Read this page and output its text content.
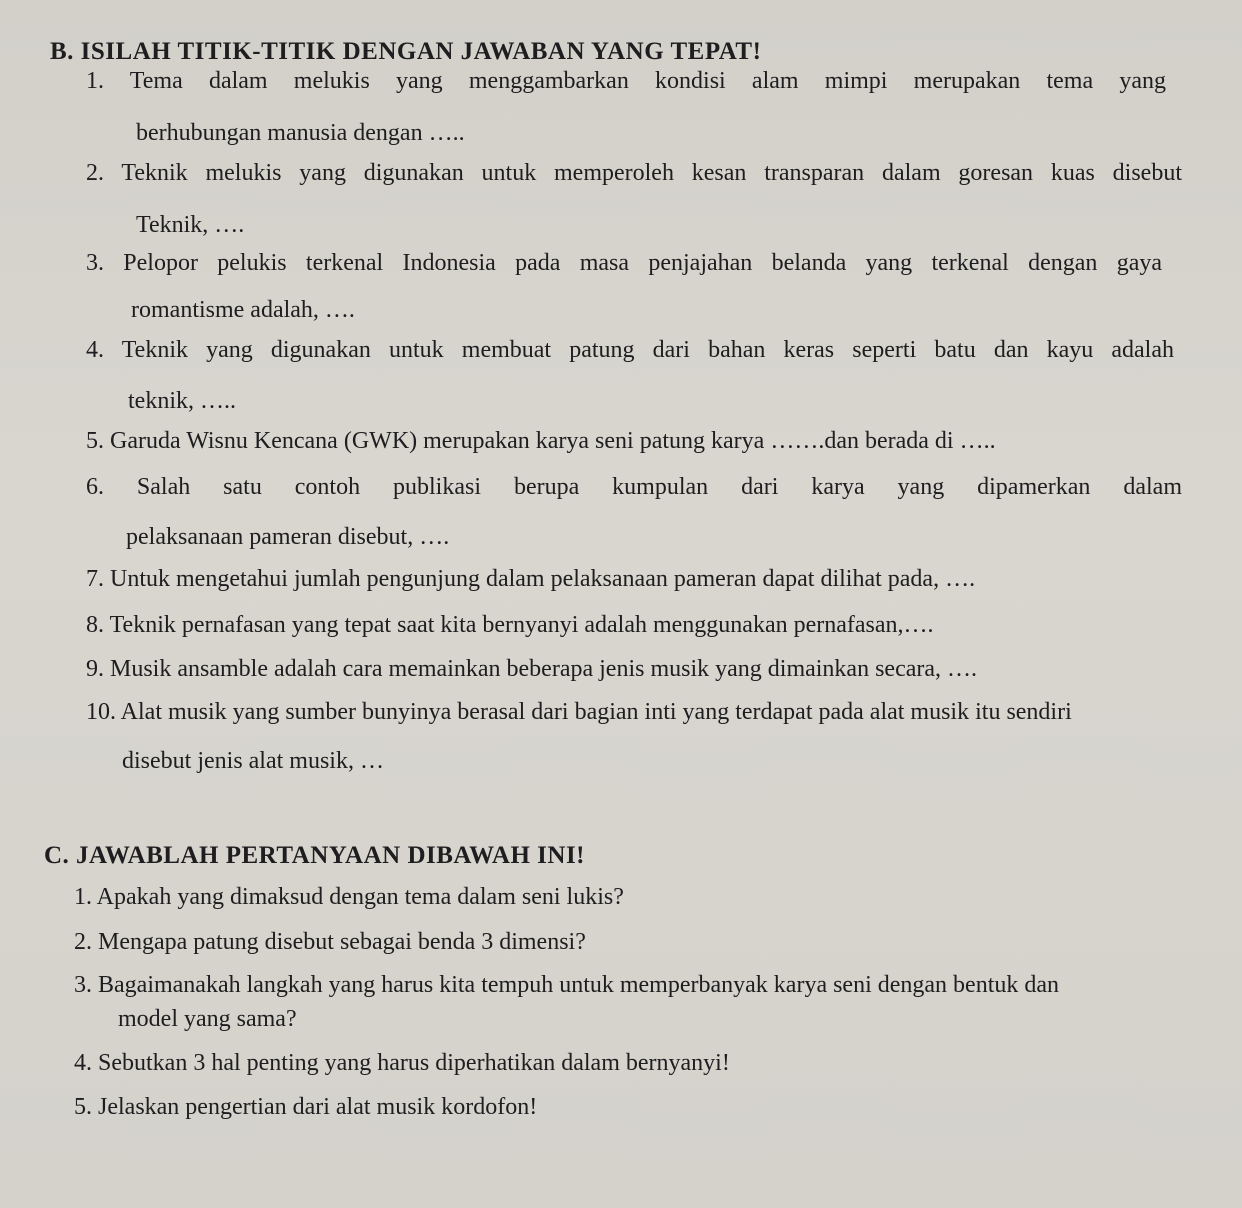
B. ISILAH TITIK-TITIK DENGAN JAWABAN YANG TEPAT!
1. Tema dalam melukis yang menggambarkan kondisi alam mimpi merupakan tema yang
berhubungan manusia dengan …..
2. Teknik melukis yang digunakan untuk memperoleh kesan transparan dalam goresan kuas disebut
Teknik, ….
3. Pelopor pelukis terkenal Indonesia pada masa penjajahan belanda yang terkenal dengan gaya
romantisme adalah, ….
4. Teknik yang digunakan untuk membuat patung dari bahan keras seperti batu dan kayu adalah
teknik, …..
5. Garuda Wisnu Kencana (GWK) merupakan karya seni patung karya …….dan berada di …..
6. Salah satu contoh publikasi berupa kumpulan dari karya yang dipamerkan dalam
pelaksanaan pameran disebut, ….
7. Untuk mengetahui jumlah pengunjung dalam pelaksanaan pameran dapat dilihat pada, ….
8. Teknik pernafasan yang tepat saat kita bernyanyi adalah menggunakan pernafasan,….
9. Musik ansamble adalah cara memainkan beberapa jenis musik yang dimainkan secara, ….
10. Alat musik yang sumber bunyinya berasal dari bagian inti yang terdapat pada alat musik itu sendiri
disebut jenis alat musik, …
C. JAWABLAH PERTANYAAN DIBAWAH INI!
1. Apakah yang dimaksud dengan tema dalam seni lukis?
2. Mengapa patung disebut sebagai benda 3 dimensi?
3. Bagaimanakah langkah yang harus kita tempuh untuk memperbanyak karya seni dengan bentuk dan
model yang sama?
4. Sebutkan 3 hal penting yang harus diperhatikan dalam bernyanyi!
5. Jelaskan pengertian dari alat musik kordofon!
